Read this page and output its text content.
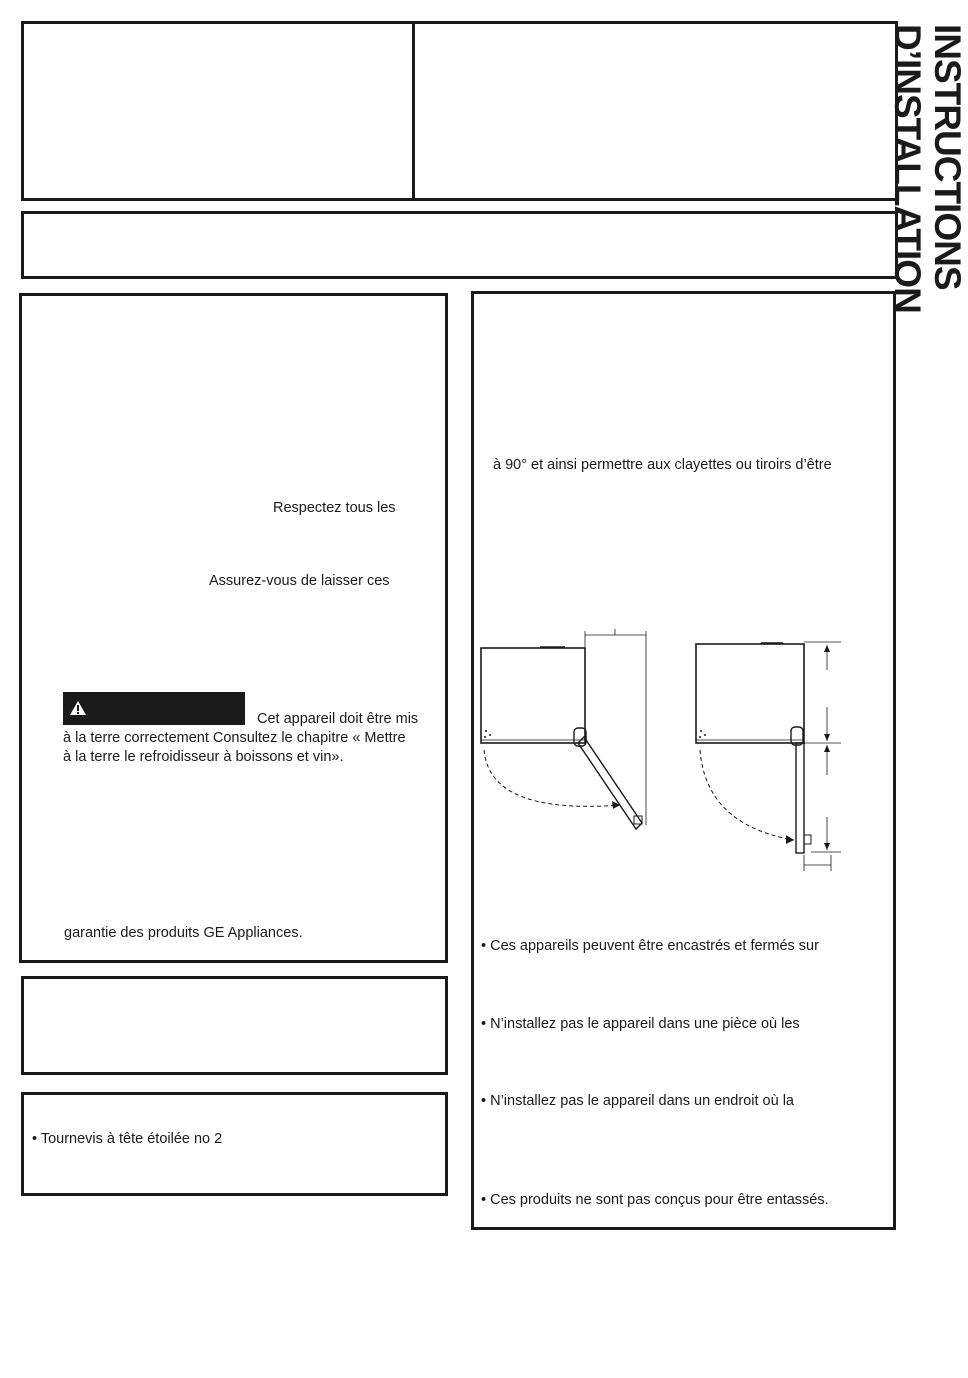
INSTRUCTIONS D’INSTALLATION
Respectez tous les
Assurez-vous de laisser ces
Cet appareil doit être mis
à la terre correctement Consultez le chapitre « Mettre
à la terre le refroidisseur à boissons et vin».
garantie des produits GE Appliances.
• Tournevis à tête étoilée no 2
à 90° et ainsi permettre aux clayettes ou tiroirs d’être
• Ces appareils peuvent être encastrés et fermés sur
• N’installez pas le appareil dans une pièce où les
• N’installez pas le appareil dans un endroit où la
• Ces produits ne sont pas conçus pour être entassés.
